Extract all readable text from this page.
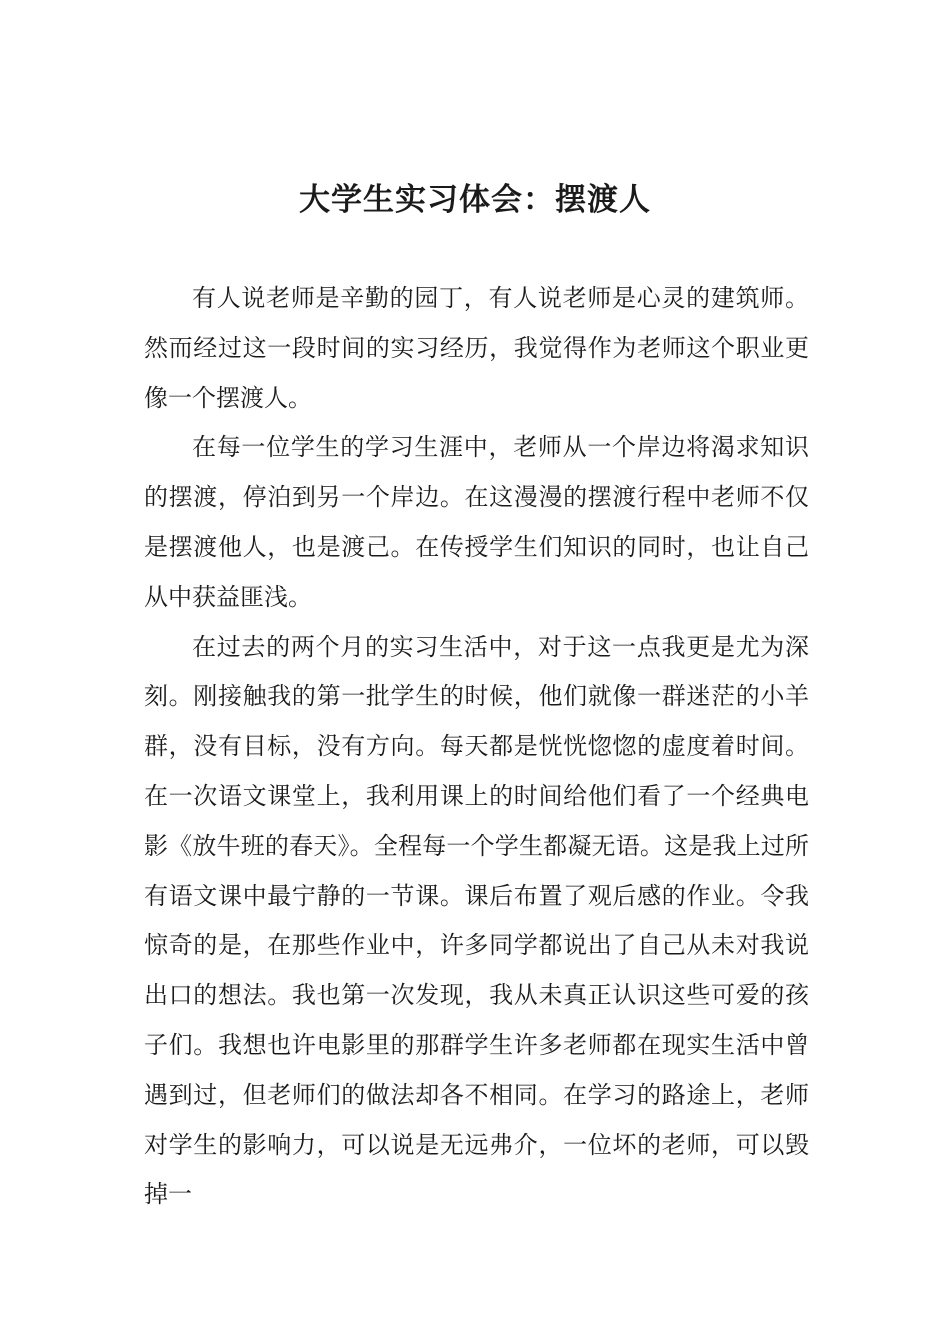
大学生实习体会：摆渡人

有人说老师是辛勤的园丁，有人说老师是心灵的建筑师。然而经过这一段时间的实习经历，我觉得作为老师这个职业更像一个摆渡人。

在每一位学生的学习生涯中，老师从一个岸边将渴求知识的摆渡，停泊到另一个岸边。在这漫漫的摆渡行程中老师不仅是摆渡他人，也是渡己。在传授学生们知识的同时，也让自己从中获益匪浅。

在过去的两个月的实习生活中，对于这一点我更是尤为深刻。刚接触我的第一批学生的时候，他们就像一群迷茫的小羊群，没有目标，没有方向。每天都是恍恍惚惚的虚度着时间。在一次语文课堂上，我利用课上的时间给他们看了一个经典电影《放牛班的春天》。全程每一个学生都凝无语。这是我上过所有语文课中最宁静的一节课。课后布置了观后感的作业。令我惊奇的是，在那些作业中，许多同学都说出了自己从未对我说出口的想法。我也第一次发现，我从未真正认识这些可爱的孩子们。我想也许电影里的那群学生许多老师都在现实生活中曾遇到过，但老师们的做法却各不相同。在学习的路途上，老师对学生的影响力，可以说是无远弗介，一位坏的老师，可以毁掉一
